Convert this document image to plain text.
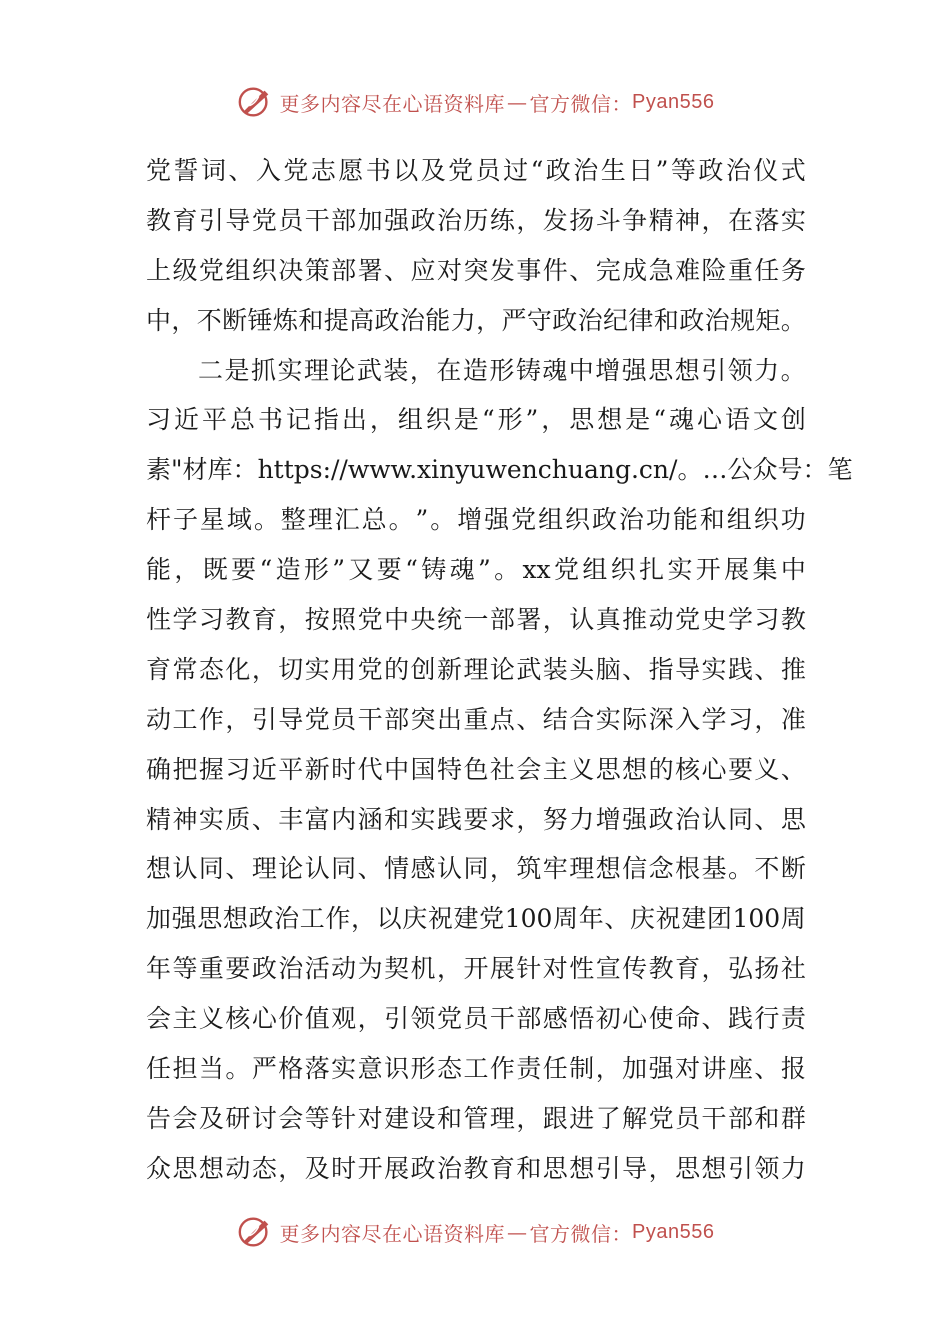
更多内容尽在心语资料库 — 官方微信： Pyan556
党 誓 词 、 入 党 志 愿 书 以 及 党 员 过 “ 政 治 生 日 ” 等 政 治 仪 式
教 育 引 导 党 员 干 部 加 强 政 治 历 练 ， 发 扬 斗 争 精 神 ， 在 落 实
上 级 党 组 织 决 策 部 署 、 应 对 突 发 事 件 、 完 成 急 难 险 重 任 务
中 ， 不 断 锤 炼 和 提 高 政 治 能 力 ， 严 守 政 治 纪 律 和 政 治 规 矩 。
二 是 抓 实 理 论 武 装 ， 在 造 形 铸 魂 中 增 强 思 想 引 领 力 。
习 近 平 总 书 记 指 出 ， 组 织 是 “ 形 ” ， 思 想 是 “ 魂 心 语 文 创
素 " 材 库 ： https://www.xinyuwenchuang.cn/ 。 … 公 众 号 ： 笔
杆 子 星 域 。 整 理 汇 总 。 ” 。 增 强 党 组 织 政 治 功 能 和 组 织 功
能 ， 既 要 “ 造 形 ” 又 要 “ 铸 魂 ” 。 xx 党 组 织 扎 实 开 展 集 中
性 学 习 教 育 ， 按 照 党 中 央 统 一 部 署 ， 认 真 推 动 党 史 学 习 教
育 常 态 化 ， 切 实 用 党 的 创 新 理 论 武 装 头 脑 、 指 导 实 践 、 推
动 工 作 ， 引 导 党 员 干 部 突 出 重 点 、 结 合 实 际 深 入 学 习 ， 准
确 把 握 习 近 平 新 时 代 中 国 特 色 社 会 主 义 思 想 的 核 心 要 义 、
精 神 实 质 、 丰 富 内 涵 和 实 践 要 求 ， 努 力 增 强 政 治 认 同 、 思
想 认 同 、 理 论 认 同 、 情 感 认 同 ， 筑 牢 理 想 信 念 根 基 。 不 断
加 强 思 想 政 治 工 作 ， 以 庆 祝 建 党 100 周 年 、 庆 祝 建 团 100 周
年 等 重 要 政 治 活 动 为 契 机 ， 开 展 针 对 性 宣 传 教 育 ， 弘 扬 社
会 主 义 核 心 价 值 观 ， 引 领 党 员 干 部 感 悟 初 心 使 命 、 践 行 责
任 担 当 。 严 格 落 实 意 识 形 态 工 作 责 任 制 ， 加 强 对 讲 座 、 报
告 会 及 研 讨 会 等 针 对 建 设 和 管 理 ， 跟 进 了 解 党 员 干 部 和 群
众 思 想 动 态 ， 及 时 开 展 政 治 教 育 和 思 想 引 导 ， 思 想 引 领 力
更多内容尽在心语资料库 — 官方微信： Pyan556
